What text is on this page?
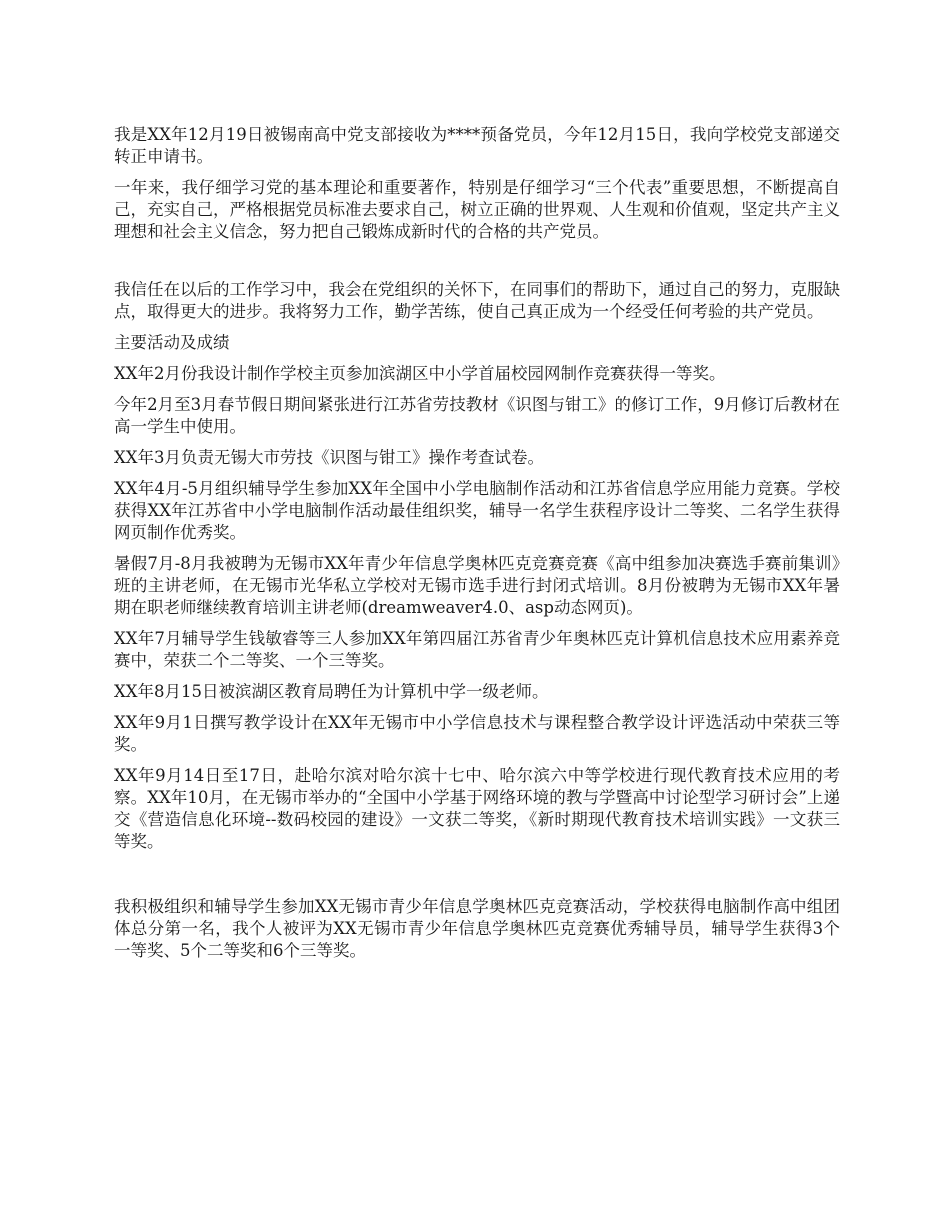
我是XX年12月19日被锡南高中党支部接收为****预备党员，今年12月15日，我向学校党支部递交转正申请书。

一年来，我仔细学习党的基本理论和重要著作，特别是仔细学习“三个代表”重要思想，不断提高自己，充实自己，严格根据党员标准去要求自己，树立正确的世界观、人生观和价值观，坚定共产主义理想和社会主义信念，努力把自己锻炼成新时代的合格的共产党员。

我信任在以后的工作学习中，我会在党组织的关怀下，在同事们的帮助下，通过自己的努力，克服缺点，取得更大的进步。我将努力工作，勤学苦练，使自己真正成为一个经受任何考验的共产党员。

主要活动及成绩

XX年2月份我设计制作学校主页参加滨湖区中小学首届校园网制作竞赛获得一等奖。

今年2月至3月春节假日期间紧张进行江苏省劳技教材《识图与钳工》的修订工作，9月修订后教材在高一学生中使用。

XX年3月负责无锡大市劳技《识图与钳工》操作考查试卷。

XX年4月-5月组织辅导学生参加XX年全国中小学电脑制作活动和江苏省信息学应用能力竞赛。学校获得XX年江苏省中小学电脑制作活动最佳组织奖，辅导一名学生获程序设计二等奖、二名学生获得网页制作优秀奖。

暑假7月-8月我被聘为无锡市XX年青少年信息学奥林匹克竞赛竞赛《高中组参加决赛选手赛前集训》班的主讲老师，在无锡市光华私立学校对无锡市选手进行封闭式培训。8月份被聘为无锡市XX年暑期在职老师继续教育培训主讲老师(dreamweaver4.0、asp动态网页)。

XX年7月辅导学生钱敏睿等三人参加XX年第四届江苏省青少年奥林匹克计算机信息技术应用素养竞赛中，荣获二个二等奖、一个三等奖。

XX年8月15日被滨湖区教育局聘任为计算机中学一级老师。

XX年9月1日撰写教学设计在XX年无锡市中小学信息技术与课程整合教学设计评选活动中荣获三等奖。

XX年9月14日至17日，赴哈尔滨对哈尔滨十七中、哈尔滨六中等学校进行现代教育技术应用的考察。XX年10月，在无锡市举办的“全国中小学基于网络环境的教与学暨高中讨论型学习研讨会”上递交《营造信息化环境--数码校园的建设》一文获二等奖，《新时期现代教育技术培训实践》一文获三等奖。

我积极组织和辅导学生参加XX无锡市青少年信息学奥林匹克竞赛活动，学校获得电脑制作高中组团体总分第一名，我个人被评为XX无锡市青少年信息学奥林匹克竞赛优秀辅导员，辅导学生获得3个一等奖、5个二等奖和6个三等奖。
